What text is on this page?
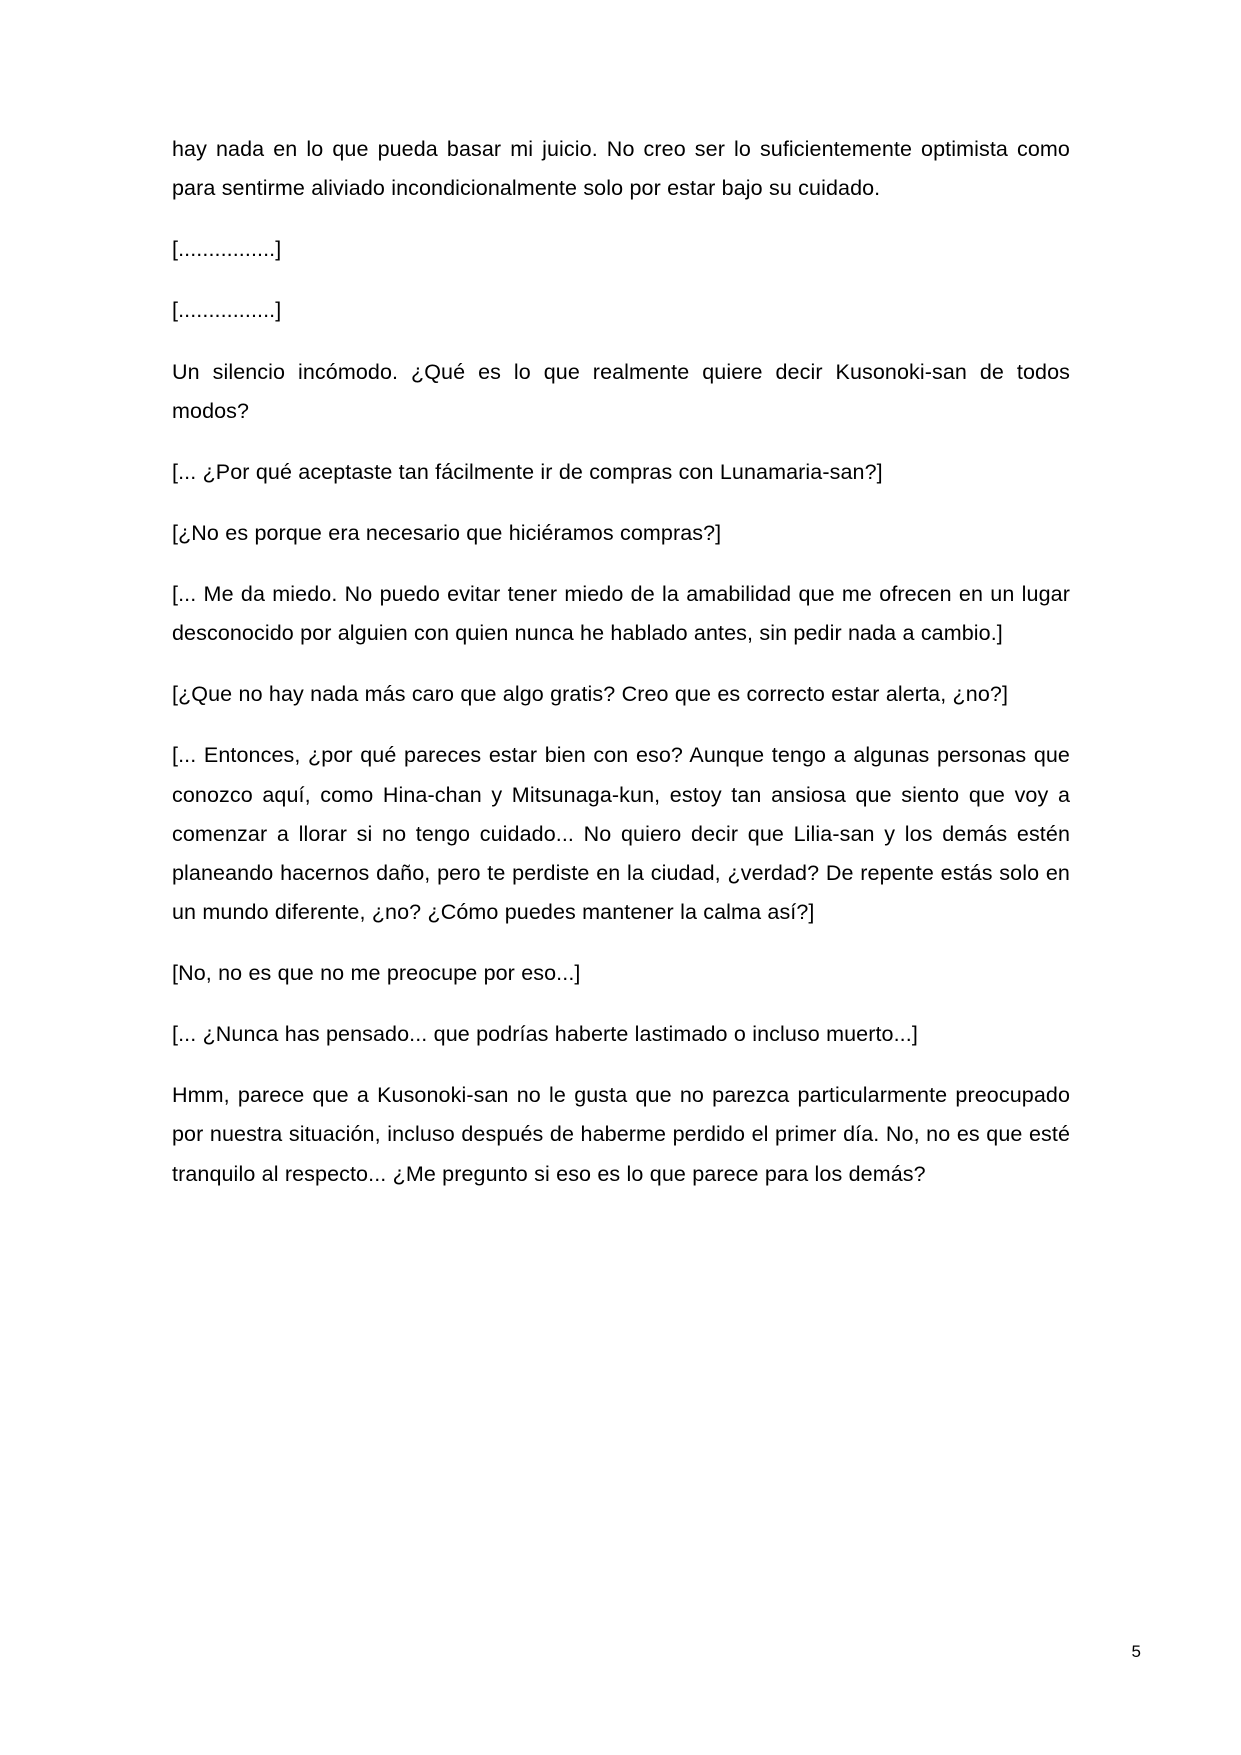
hay nada en lo que pueda basar mi juicio. No creo ser lo suficientemente optimista como para sentirme aliviado incondicionalmente solo por estar bajo su cuidado.

[................]

[................]

Un silencio incómodo. ¿Qué es lo que realmente quiere decir Kusonoki-san de todos modos?

[... ¿Por qué aceptaste tan fácilmente ir de compras con Lunamaria-san?]

[¿No es porque era necesario que hiciéramos compras?]

[... Me da miedo. No puedo evitar tener miedo de la amabilidad que me ofrecen en un lugar desconocido por alguien con quien nunca he hablado antes, sin pedir nada a cambio.]

[¿Que no hay nada más caro que algo gratis? Creo que es correcto estar alerta, ¿no?]

[... Entonces, ¿por qué pareces estar bien con eso? Aunque tengo a algunas personas que conozco aquí, como Hina-chan y Mitsunaga-kun, estoy tan ansiosa que siento que voy a comenzar a llorar si no tengo cuidado... No quiero decir que Lilia-san y los demás estén planeando hacernos daño, pero te perdiste en la ciudad, ¿verdad? De repente estás solo en un mundo diferente, ¿no? ¿Cómo puedes mantener la calma así?]

[No, no es que no me preocupe por eso...]

[... ¿Nunca has pensado... que podrías haberte lastimado o incluso muerto...]

Hmm, parece que a Kusonoki-san no le gusta que no parezca particularmente preocupado por nuestra situación, incluso después de haberme perdido el primer día. No, no es que esté tranquilo al respecto... ¿Me pregunto si eso es lo que parece para los demás?

5
